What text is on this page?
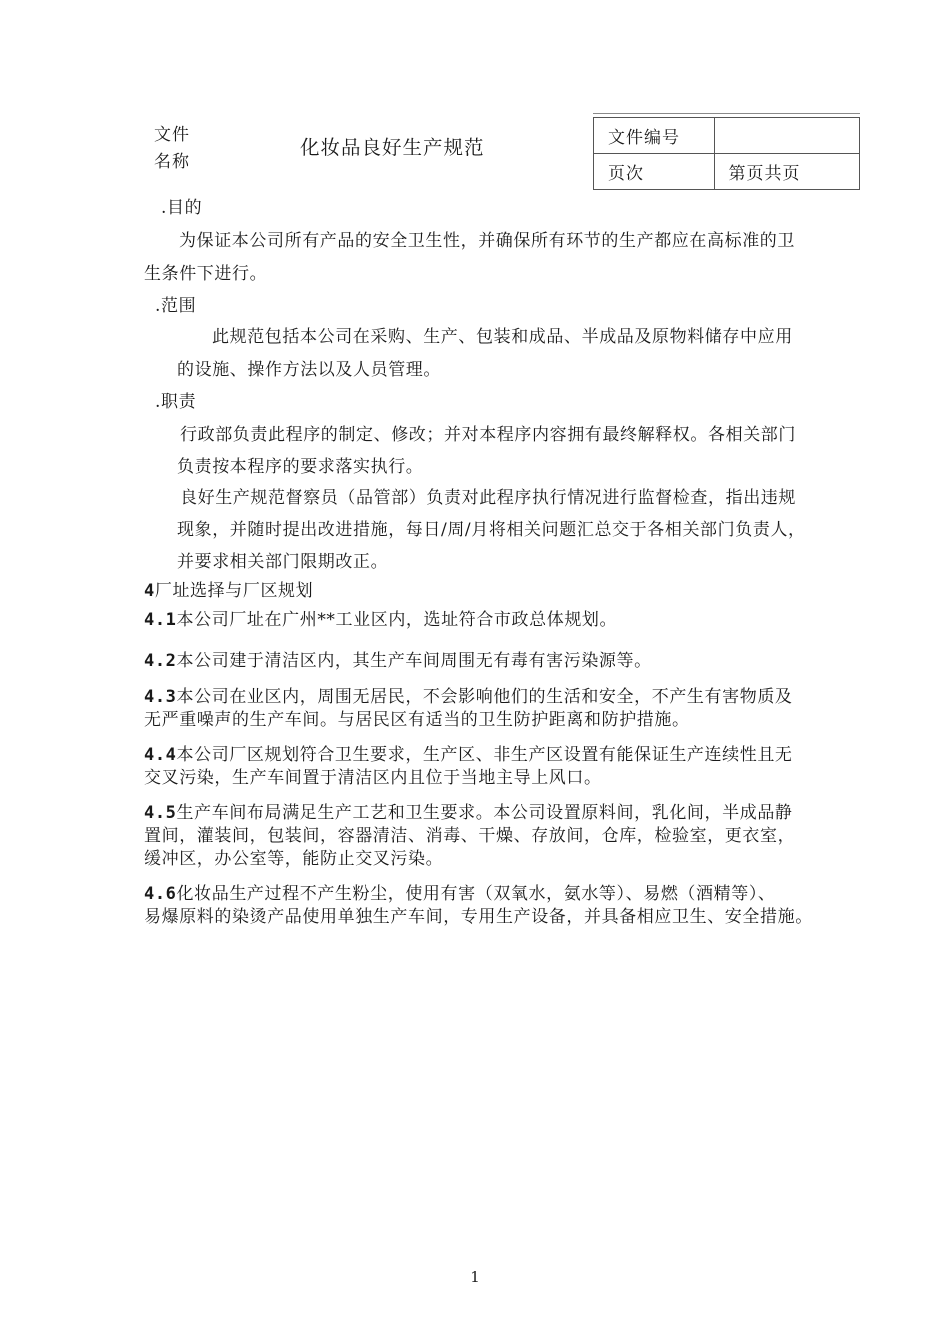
文件
名称
化妆品良好生产规范	文件编号	
页次	第页共页
.目的
为保证本公司所有产品的安全卫生性，并确保所有环节的生产都应在高标准的卫
生条件下进行。
.范围
此规范包括本公司在采购、生产、包装和成品、半成品及原物料储存中应用
的设施、操作方法以及人员管理。
.职责
行政部负责此程序的制定、修改；并对本程序内容拥有最终解释权。各相关部门
负责按本程序的要求落实执行。
良好生产规范督察员（品管部）负责对此程序执行情况进行监督检查，指出违规
现象，并随时提出改进措施，每日/周/月将相关问题汇总交于各相关部门负责人，
并要求相关部门限期改正。
4厂址选择与厂区规划
4.1本公司厂址在广州**工业区内，选址符合市政总体规划。
4.2本公司建于清洁区内，其生产车间周围无有毒有害污染源等。
4.3本公司在业区内，周围无居民，不会影响他们的生活和安全，不产生有害物质及
无严重噪声的生产车间。与居民区有适当的卫生防护距离和防护措施。
4.4本公司厂区规划符合卫生要求，生产区、非生产区设置有能保证生产连续性且无
交叉污染，生产车间置于清洁区内且位于当地主导上风口。
4.5生产车间布局满足生产工艺和卫生要求。本公司设置原料间，乳化间，半成品静
置间，灌装间，包装间，容器清洁、消毒、干燥、存放间，仓库，检验室，更衣室，
缓冲区，办公室等，能防止交叉污染。
4.6化妆品生产过程不产生粉尘，使用有害（双氧水，氨水等）、易燃（酒精等）、
易爆原料的染烫产品使用单独生产车间，专用生产设备，并具备相应卫生、安全措施。
1
